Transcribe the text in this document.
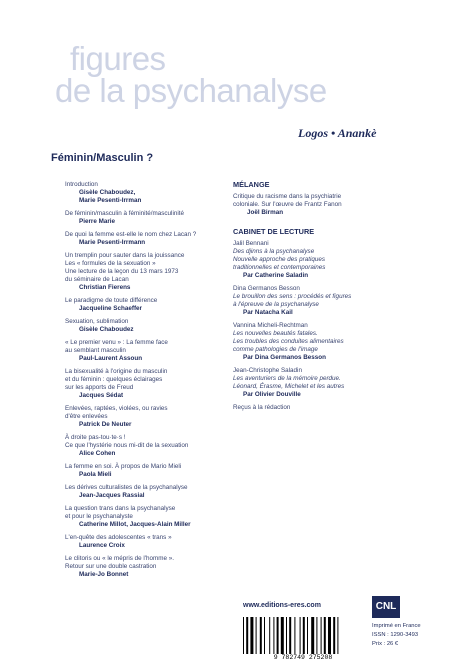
figures
de la psychanalyse
Logos • Anankè
Féminin/Masculin ?
Introduction
Gisèle Chaboudez,
Marie Pesenti-Irrman
De féminin/masculin à féminité/masculinité
Pierre Marie
De quoi la femme est-elle le nom chez Lacan ?
Marie Pesenti-Irrmann
Un tremplin pour sauter dans la jouissance
Les « formules de la sexuation »
Une lecture de la leçon du 13 mars 1973
du séminaire de Lacan
Christian Fierens
Le paradigme de toute différence
Jacqueline Schaeffer
Sexuation, sublimation
Gisèle Chaboudez
« Le premier venu » : La femme face
au semblant masculin
Paul-Laurent Assoun
La bisexualité à l'origine du masculin
et du féminin : quelques éclairages
sur les apports de Freud
Jacques Sédat
Enlevées, raptées, violées, ou ravies
d'être enlevées
Patrick De Neuter
À droite pas-tou·te·s !
Ce que l'hystérie nous mi-dit de la sexuation
Alice Cohen
La femme en soi. À propos de Mario Mieli
Paola Mieli
Les dérives culturalistes de la psychanalyse
Jean-Jacques Rassial
La question trans dans la psychanalyse
et pour le psychanalyste
Catherine Millot, Jacques-Alain Miller
L'en-quête des adolescentes « trans »
Laurence Croix
Le clitoris ou « le mépris de l'homme ».
Retour sur une double castration
Marie-Jo Bonnet
MÉLANGE
Critique du racisme dans la psychiatrie
coloniale. Sur l'œuvre de Frantz Fanon
Joël Birman
CABINET DE LECTURE
Jalil Bennani
Des djinns à la psychanalyse
Nouvelle approche des pratiques
traditionnelles et contemporaines
Par Catherine Saladin
Dina Germanos Besson
Le brouillon des sens : procédés et figures
à l'épreuve de la psychanalyse
Par Natacha Kail
Vannina Micheli-Rechtman
Les nouvelles beautés fatales.
Les troubles des conduites alimentaires
comme pathologies de l'image
Par Dina Germanos Besson
Jean-Christophe Saladin
Les aventuriers de la mémoire perdue.
Léonard, Érasme, Michelet et les autres
Par Olivier Douville
Reçus à la rédaction
www.editions-eres.com	CNL
9 782749 275208
Imprimé en France
ISSN : 1290-3493
Prix : 26 €
